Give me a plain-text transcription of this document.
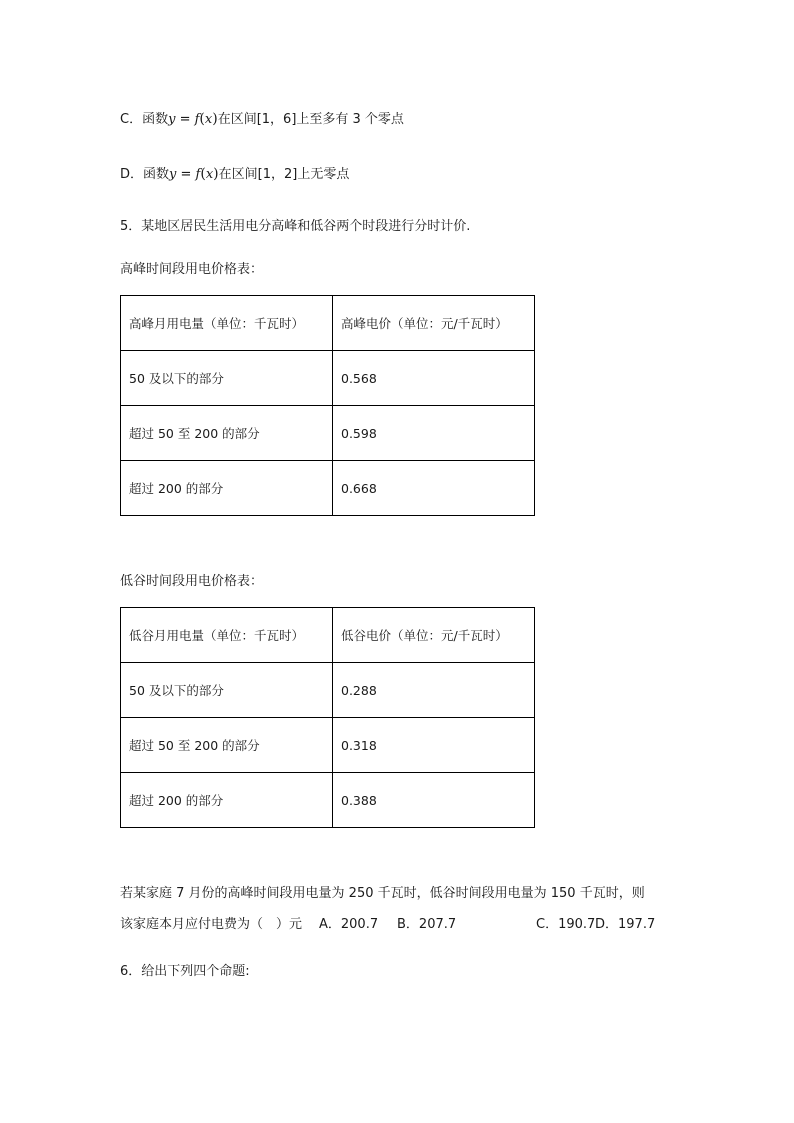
C．函数y = f(x)在区间[1，6]上至多有 3 个零点
D．函数y = f(x)在区间[1，2]上无零点
5．某地区居民生活用电分高峰和低谷两个时段进行分时计价.
高峰时间段用电价格表：
高峰月用电量（单位：千瓦时）	高峰电价（单位：元/千瓦时）
50 及以下的部分	0.568
超过 50 至 200 的部分	0.598
超过 200 的部分	0.668
低谷时间段用电价格表：
低谷月用电量（单位：千瓦时）	低谷电价（单位：元/千瓦时）
50 及以下的部分	0.288
超过 50 至 200 的部分	0.318
超过 200 的部分	0.388
若某家庭 7 月份的高峰时间段用电量为 250 千瓦时，低谷时间段用电量为 150 千瓦时，则
该家庭本月应付电费为（　）元 A．200.7 B．207.7	C．190.7 D．197.7
6．给出下列四个命题:
